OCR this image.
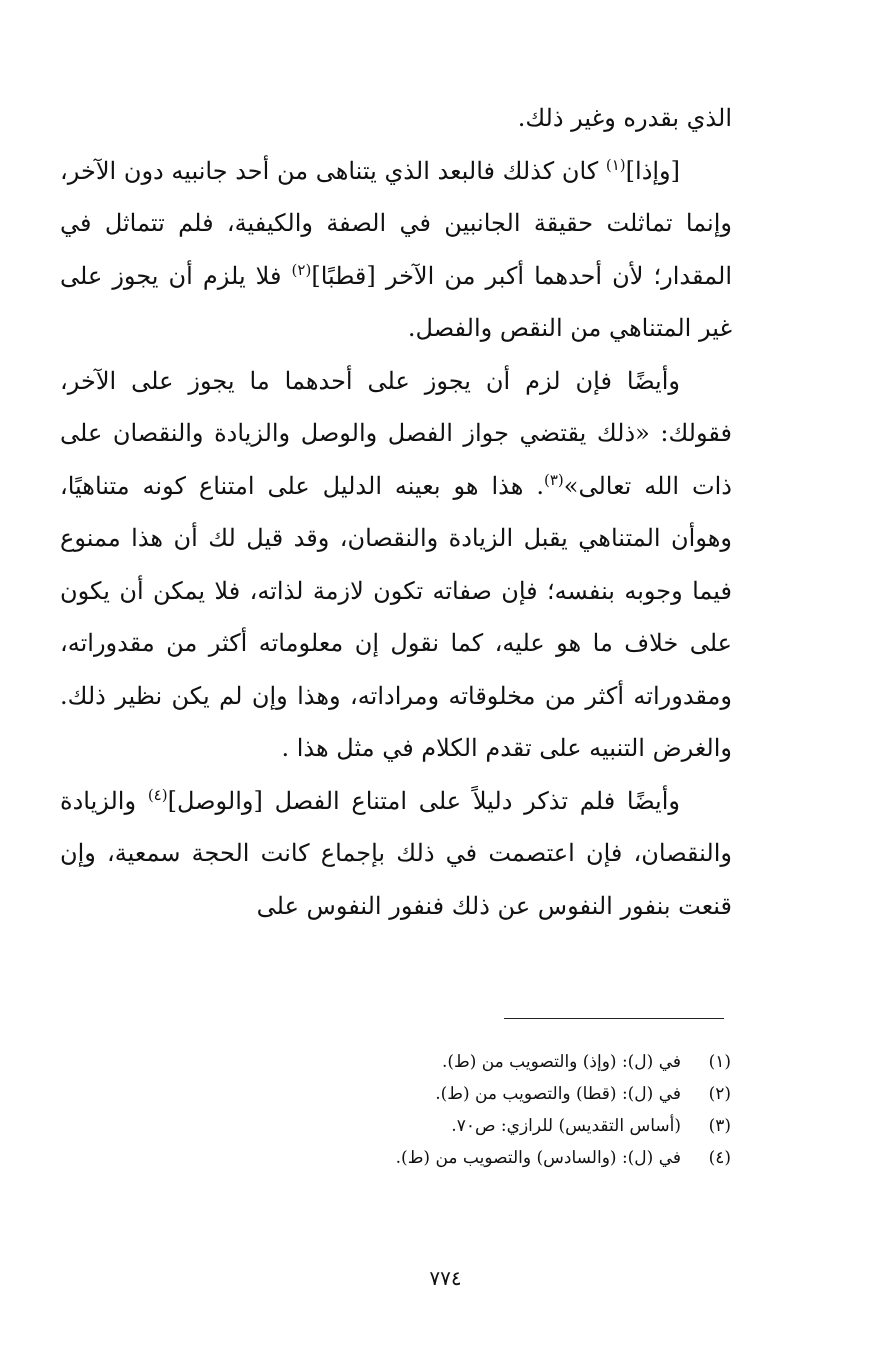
الذي بقدره وغير ذلك.

[وإذا]$^{(١)}$ كان كذلك فالبعد الذي يتناهى من أحد جانبيه دون الآخر، وإنما تماثلت حقيقة الجانبين في الصفة والكيفية، فلم تتماثل في المقدار؛ لأن أحدهما أكبر من الآخر [قطبًا]$^{(٢)}$ فلا يلزم أن يجوز على غير المتناهي من النقص والفصل.

وأيضًا فإن لزم أن يجوز على أحدهما ما يجوز على الآخر، فقولك: «ذلك يقتضي جواز الفصل والوصل والزيادة والنقصان على ذات الله تعالى»$^{(٣)}$. هذا هو بعينه الدليل على امتناع كونه متناهيًا، وهوأن المتناهي يقبل الزيادة والنقصان، وقد قيل لك أن هذا ممنوع فيما وجوبه بنفسه؛ فإن صفاته تكون لازمة لذاته، فلا يمكن أن يكون على خلاف ما هو عليه، كما نقول إن معلوماته أكثر من مقدوراته، ومقدوراته أكثر من مخلوقاته ومراداته، وهذا وإن لم يكن نظير ذلك. والغرض التنبيه على تقدم الكلام في مثل هذا .

وأيضًا فلم تذكر دليلاً على امتناع الفصل [والوصل]$^{(٤)}$ والزيادة والنقصان، فإن اعتصمت في ذلك بإجماع كانت الحجة سمعية، وإن قنعت بنفور النفوس عن ذلك فنفور النفوس على

(١)
في (ل): (وإذ) والتصويب من (ط).
(٢)
في (ل): (قطا) والتصويب من (ط).
(٣)
(أساس التقديس) للرازي: ص٧٠.
(٤)
في (ل): (والسادس) والتصويب من (ط).
٧٧٤
